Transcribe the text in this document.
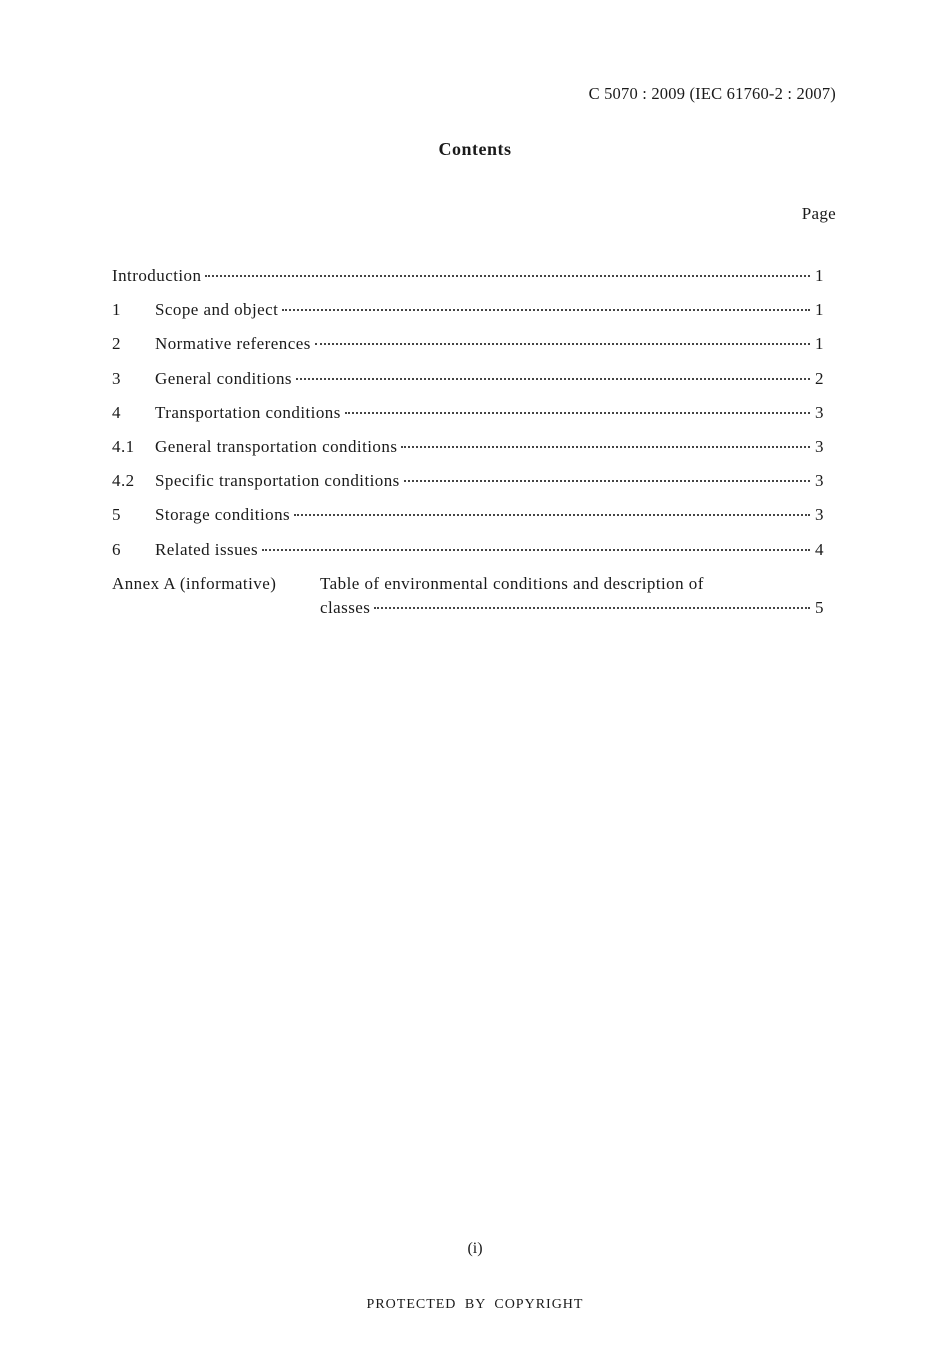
C 5070 : 2009 (IEC 61760-2 : 2007)
Contents
Page
Introduction	1
1	Scope and object	1
2	Normative references	1
3	General conditions	2
4	Transportation conditions	3
4.1	General transportation conditions	3
4.2	Specific transportation conditions	3
5	Storage conditions	3
6	Related issues	4
Annex A (informative)	Table of environmental conditions and description of
classes	5
(i)
PROTECTED BY COPYRIGHT
